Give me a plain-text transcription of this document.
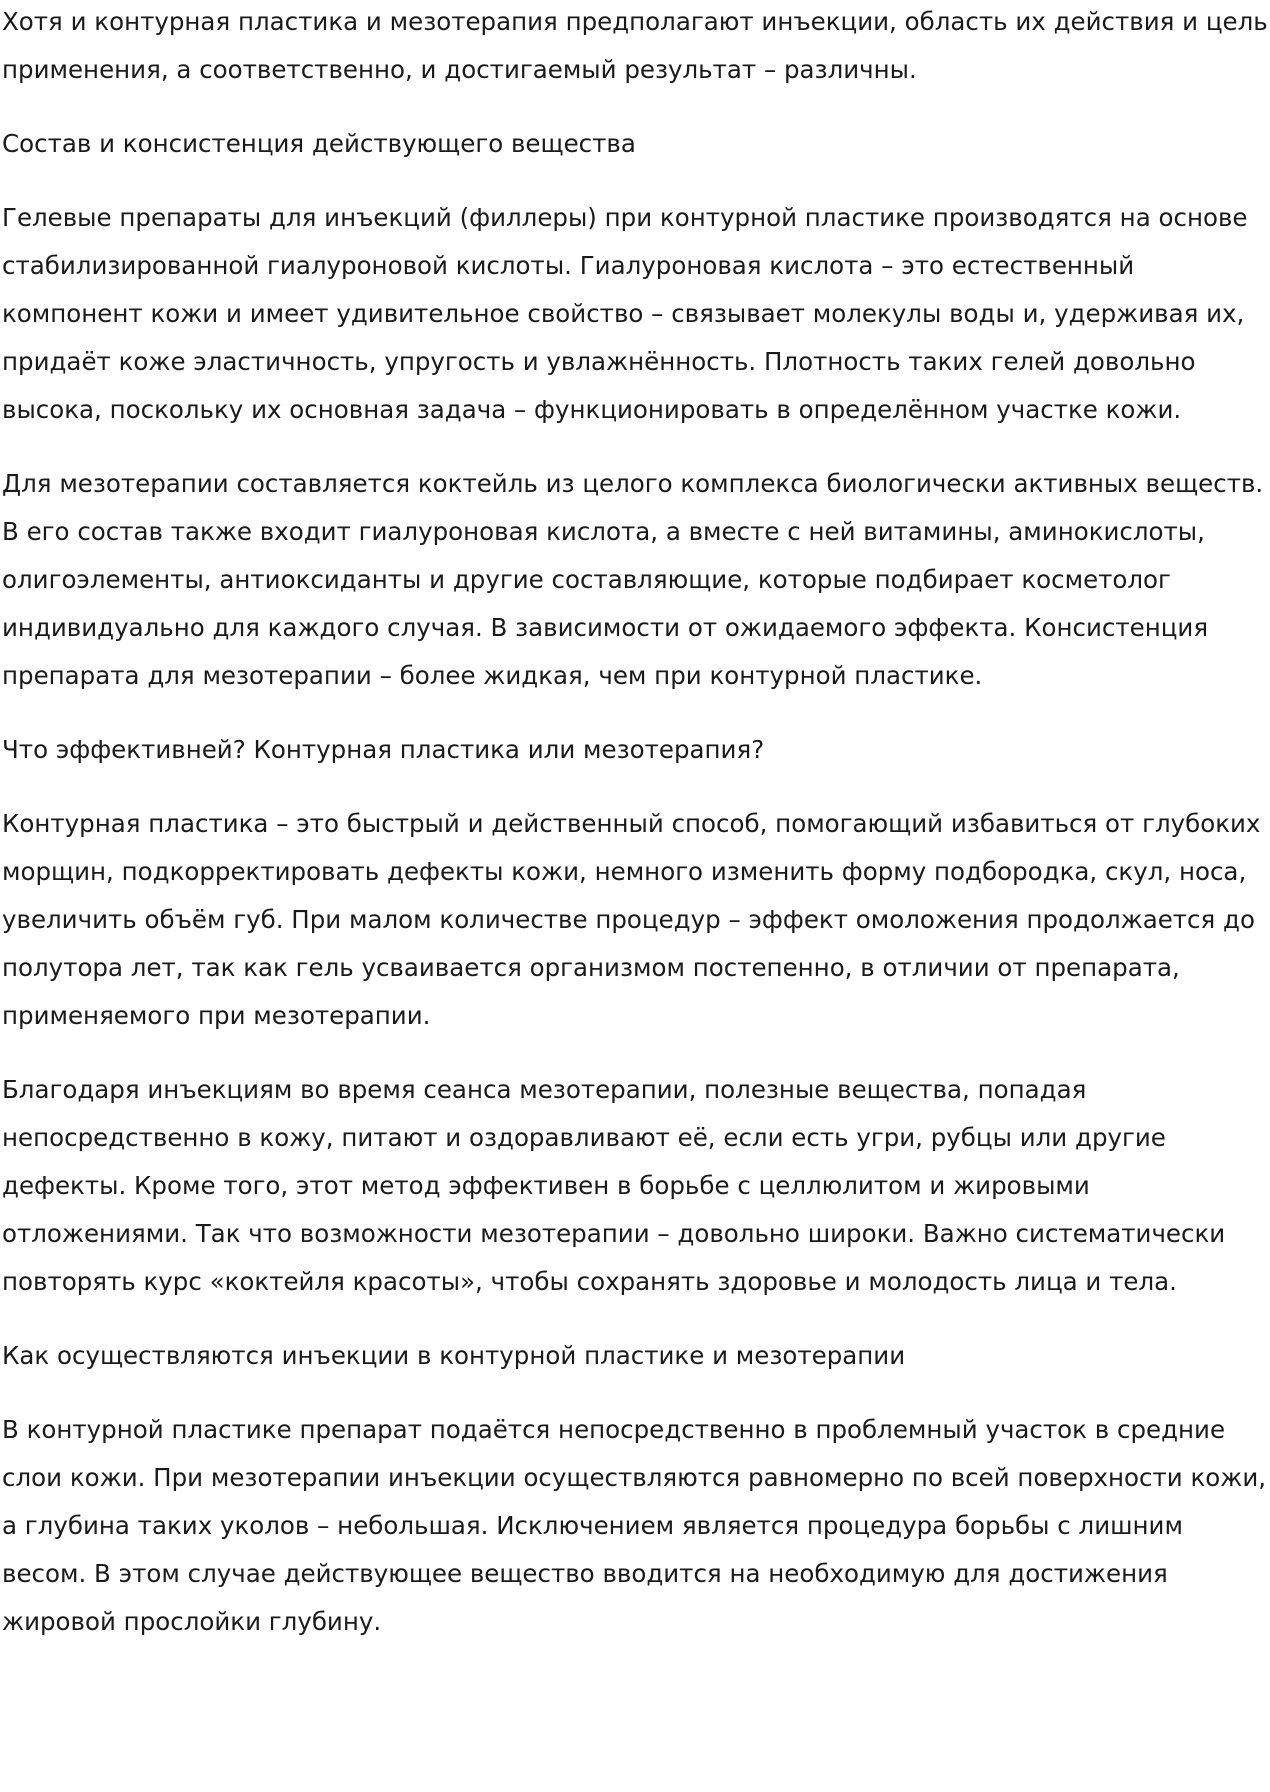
Хотя и контурная пластика и мезотерапия предполагают инъекции, область их действия и цель применения, а соответственно, и достигаемый результат – различны.

Состав и консистенция действующего вещества

Гелевые препараты для инъекций (филлеры) при контурной пластике производятся на основе стабилизированной гиалуроновой кислоты. Гиалуроновая кислота – это естественный компонент кожи и имеет удивительное свойство – связывает молекулы воды и, удерживая их, придаёт коже эластичность, упругость и увлажнённость. Плотность таких гелей довольно высока, поскольку их основная задача – функционировать в определённом участке кожи.

Для мезотерапии составляется коктейль из целого комплекса биологически активных веществ. В его состав также входит гиалуроновая кислота, а вместе с ней витамины, аминокислоты, олигоэлементы, антиоксиданты и другие составляющие, которые подбирает косметолог индивидуально для каждого случая. В зависимости от ожидаемого эффекта. Консистенция препарата для мезотерапии – более жидкая, чем при контурной пластике.

Что эффективней? Контурная пластика или мезотерапия?

Контурная пластика – это быстрый и действенный способ, помогающий избавиться от глубоких морщин, подкорректировать дефекты кожи, немного изменить форму подбородка, скул, носа, увеличить объём губ. При малом количестве процедур – эффект омоложения продолжается до полутора лет, так как гель усваивается организмом постепенно, в отличии от препарата, применяемого при мезотерапии.

Благодаря инъекциям во время сеанса мезотерапии, полезные вещества, попадая непосредственно в кожу, питают и оздоравливают её, если есть угри, рубцы или другие дефекты. Кроме того, этот метод эффективен в борьбе с целлюлитом и жировыми отложениями. Так что возможности мезотерапии – довольно широки. Важно систематически повторять курс «коктейля красоты», чтобы сохранять здоровье и молодость лица и тела.

Как осуществляются инъекции в контурной пластике и мезотерапии

В контурной пластике препарат подаётся непосредственно в проблемный участок в средние слои кожи. При мезотерапии инъекции осуществляются равномерно по всей поверхности кожи, а глубина таких уколов – небольшая. Исключением является процедура борьбы с лишним весом. В этом случае действующее вещество вводится на необходимую для достижения жировой прослойки глубину.
